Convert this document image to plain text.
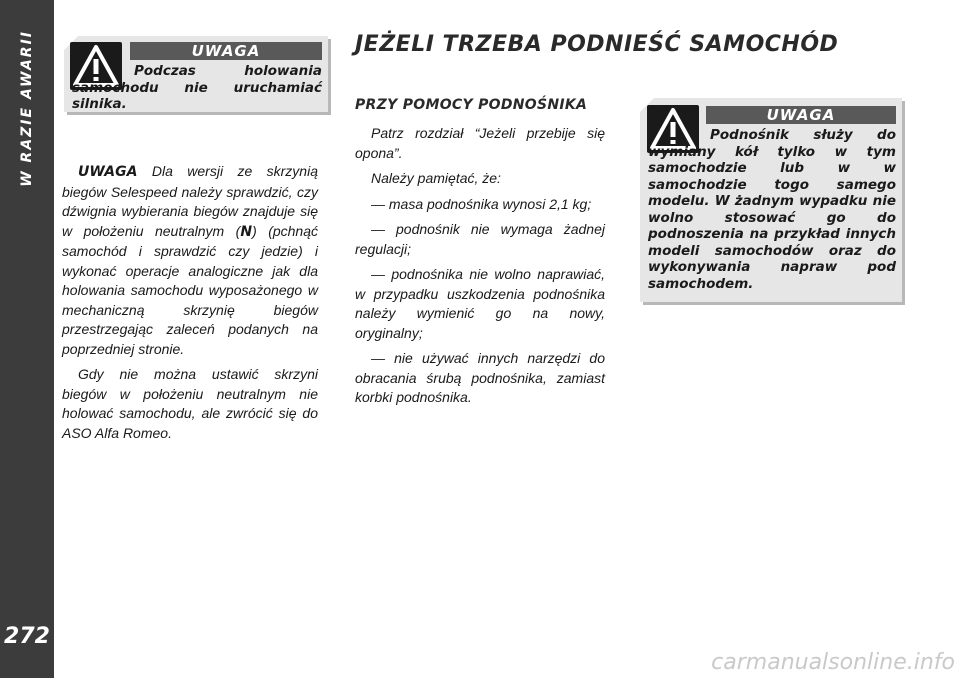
W RAZIE AWARII
272
UWAGA
Podczas holowania samochodu nie uruchamiać silnika.

UWAGA Dla wersji ze skrzynią biegów Selespeed należy sprawdzić, czy dźwignia wybierania biegów znajduje się w położeniu neutralnym (N) (pchnąć samochód i sprawdzić czy jedzie) i wykonać operacje analogiczne jak dla holowania samochodu wyposażonego w mechaniczną skrzynię biegów przestrzegając zaleceń podanych na poprzedniej stronie.

Gdy nie można ustawić skrzyni biegów w położeniu neutralnym nie holować samochodu, ale zwrócić się do ASO Alfa Romeo.

JEŻELI TRZEBA PODNIEŚĆ SAMOCHÓD
PRZY POMOCY PODNOŚNIKA

Patrz rozdział “Jeżeli przebije się opona”.

Należy pamiętać, że:

— masa podnośnika wynosi 2,1 kg;

— podnośnik nie wymaga żadnej regulacji;

— podnośnika nie wolno naprawiać, w przypadku uszkodzenia podnośnika należy wymienić go na nowy, oryginalny;

— nie używać innych narzędzi do obracania śrubą podnośnika, zamiast korbki podnośnika.

UWAGA
Podnośnik służy do wymiany kół tylko w tym samochodzie lub w w samochodzie togo samego modelu. W żadnym wypadku nie wolno stosować go do podnoszenia na przykład innych modeli samochodów oraz do wykonywania napraw pod samochodem.
carmanualsonline.info
